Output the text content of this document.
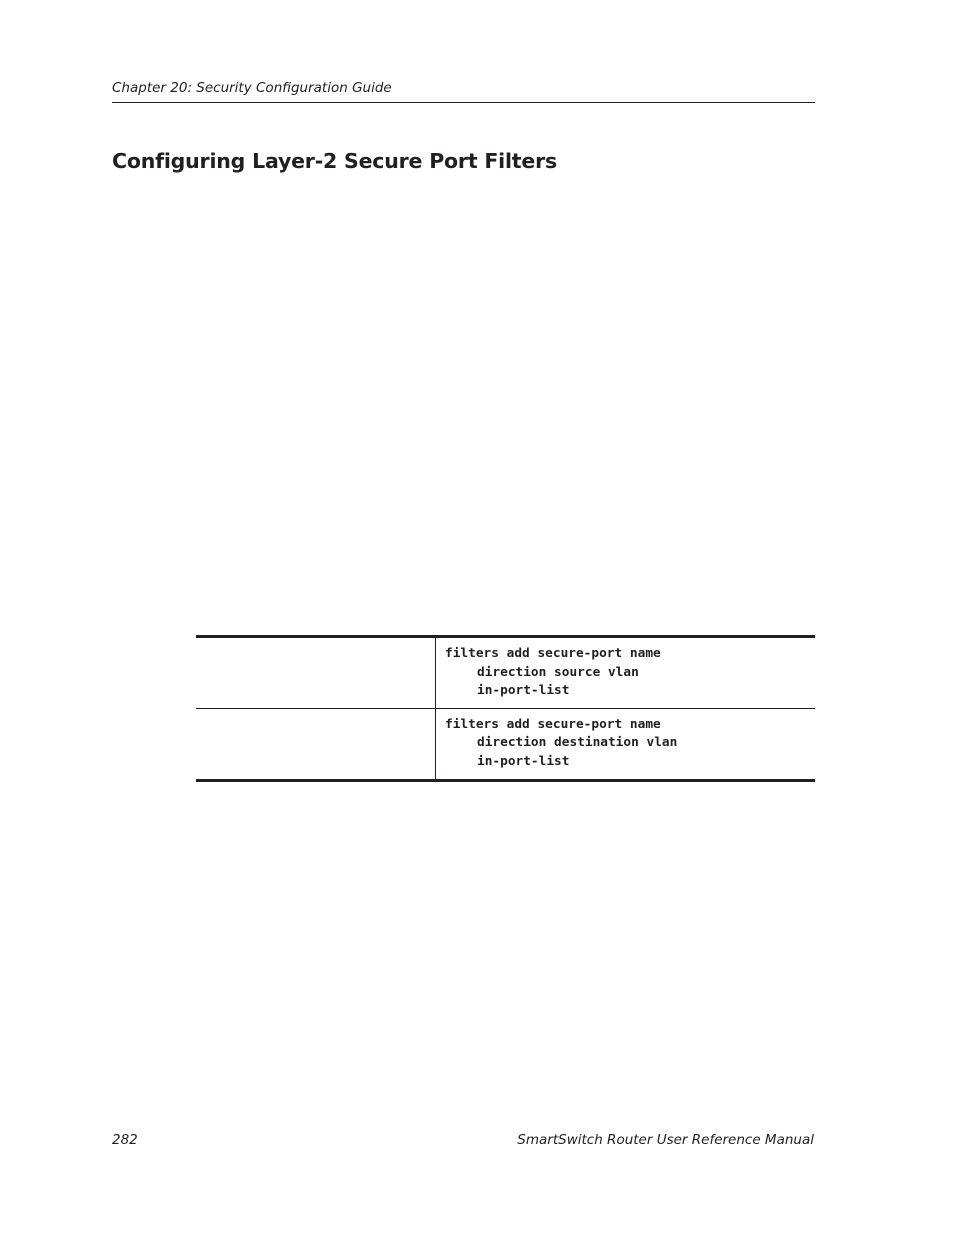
Chapter 20: Security Configuration Guide
Configuring Layer-2 Secure Port Filters

	filters add secure-port name
direction source vlan
in-port-list

	filters add secure-port name
direction destination vlan
in-port-list
282	SmartSwitch Router User Reference Manual
